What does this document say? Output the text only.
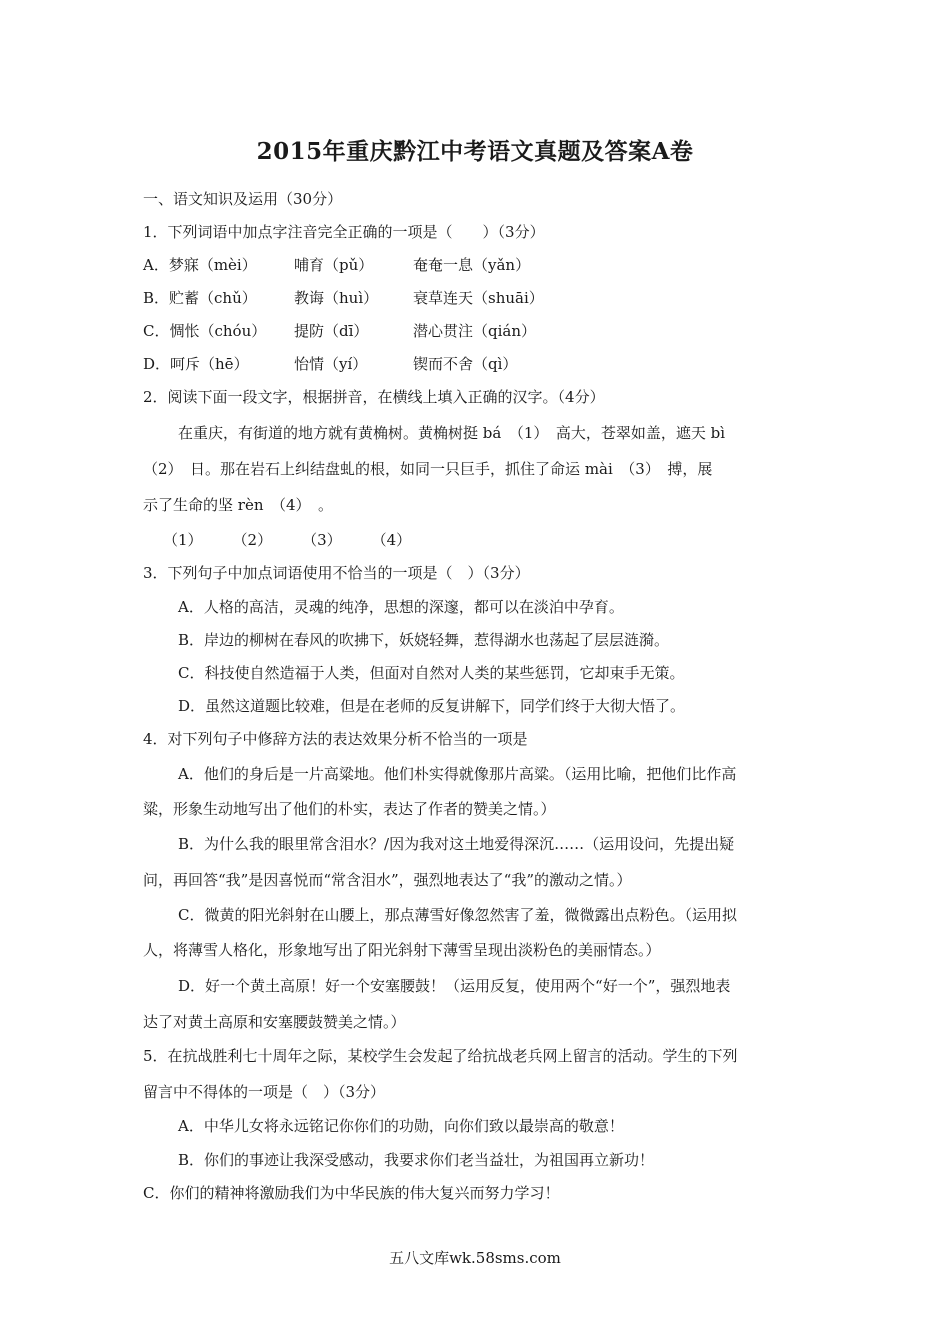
2015年重庆黔江中考语文真题及答案A卷
一、语文知识及运用（30分）
1．下列词语中加点字注音完全正确的一项是（　　）（3分）
A．梦寐（mèi） 哺育（pǔ）	奄奄一息（yǎn）
B．贮蓄（chǔ） 教诲（huì） 衰草连天（shuāi）
C．惆怅（chóu） 提防（dī）	潜心贯注（qián）
D．呵斥（hē）	怡情（yí）	锲而不舍（qì）
2．阅读下面一段文字，根据拼音，在横线上填入正确的汉字。（4分）
在重庆，有街道的地方就有黄桷树。黄桷树挺 bá　（1）　高大，苍翠如盖，遮天 bì
（2）　日。那在岩石上纠结盘虬的根，如同一只巨手，抓住了命运 mài　（3）　搏，展
示了生命的坚 rèn　（4）　。
（1）　　　（2）　　　（3）　　　（4）
3．下列句子中加点词语使用不恰当的一项是（　）（3分）
A．人格的高洁，灵魂的纯净，思想的深邃，都可以在淡泊中孕育。
B．岸边的柳树在春风的吹拂下，妖娆轻舞，惹得湖水也荡起了层层涟漪。
C．科技使自然造福于人类，但面对自然对人类的某些惩罚，它却束手无策。
D．虽然这道题比较难，但是在老师的反复讲解下，同学们终于大彻大悟了。
4．对下列句子中修辞方法的表达效果分析不恰当的一项是
A．他们的身后是一片高粱地。他们朴实得就像那片高粱。（运用比喻，把他们比作高
粱，形象生动地写出了他们的朴实，表达了作者的赞美之情。）
B．为什么我的眼里常含泪水？/因为我对这土地爱得深沉……（运用设问，先提出疑
问，再回答“我”是因喜悦而“常含泪水”，强烈地表达了“我”的激动之情。）
C．微黄的阳光斜射在山腰上，那点薄雪好像忽然害了羞，微微露出点粉色。（运用拟
人，将薄雪人格化，形象地写出了阳光斜射下薄雪呈现出淡粉色的美丽情态。）
D．好一个黄土高原！好一个安塞腰鼓！（运用反复，使用两个“好一个”，强烈地表
达了对黄土高原和安塞腰鼓赞美之情。）
5．在抗战胜利七十周年之际，某校学生会发起了给抗战老兵网上留言的活动。学生的下列
留言中不得体的一项是（　）（3分）
A．中华儿女将永远铭记你你们的功勋，向你们致以最崇高的敬意！
B．你们的事迹让我深受感动，我要求你们老当益壮，为祖国再立新功！
C．你们的精神将激励我们为中华民族的伟大复兴而努力学习！
五八文库wk.58sms.com
